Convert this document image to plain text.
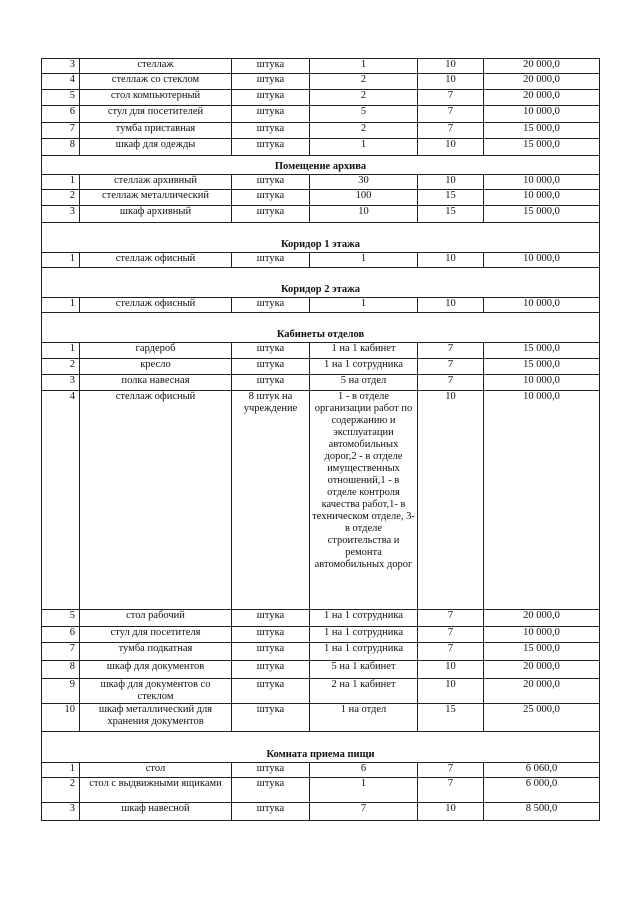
3	стеллаж	штука	1	10	20 000,0
4	стеллаж со стеклом	штука	2	10	20 000,0
5	стол компьютерный	штука	2	7	20 000,0
6	стул для посетителей	штука	5	7	10 000,0
7	тумба приставная	штука	2	7	15 000,0
8	шкаф для одежды	штука	1	10	15 000,0
Помещение архива					
1	стеллаж архивный	штука	30	10	10 000,0
2	стеллаж металлический	штука	100	15	10 000,0
3	шкаф архивный	штука	10	15	15 000,0
Коридор 1 этажа					
1	стеллаж офисный	штука	1	10	10 000,0
Коридор 2 этажа					
1	стеллаж офисный	штука	1	10	10 000,0
Кабинеты отделов					
1	гардероб	штука	1 на 1 кабинет	7	15 000,0
2	кресло	штука	1 на 1 сотрудника	7	15 000,0
3	полка навесная	штука	5 на отдел	7	10 000,0
4	стеллаж офисный	8 штук на учреждение	1 - в отделе организации работ по содержанию и эксплуатации автомобильных дорог,2 - в отделе имущественных отношений,1 - в отделе контроля качества работ,1- в техническом отделе, 3- в отделе строительства и ремонта автомобильных дорог	10	10 000,0
5	стол рабочий	штука	1 на 1 сотрудника	7	20 000,0
6	стул для посетителя	штука	1 на 1 сотрудника	7	10 000,0
7	тумба подкатная	штука	1 на 1 сотрудника	7	15 000,0
8	шкаф для документов	штука	5 на 1 кабинет	10	20 000,0
9	шкаф для документов со стеклом	штука	2 на 1 кабинет	10	20 000,0
10	шкаф металлический для хранения документов	штука	1 на отдел	15	25 000,0
Комната приема пищи					
1	стол	штука	6	7	6 060,0
2	стол с выдвижными ящиками	штука	1	7	6 000,0
3	шкаф навесной	штука	7	10	8 500,0
